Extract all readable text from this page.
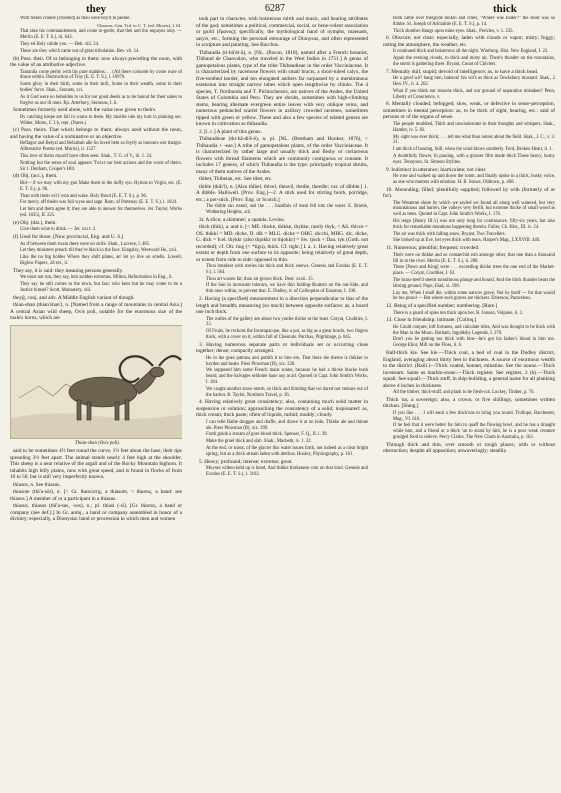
they	6287	thick

With folkes cruelle [cruelled] as thou were boy'd in pesme.

Chaucer, Gen. Trd. to C. T. (ed. Morris), I. 61.

That take his commandement, and come to-gedre, that thei and tho nopuyes only. — Merlin (E. E. T. S.), iii. 643.

They ed Holy calide you. — Heb. xiii. 24.

These are they which came out of great tribulation. Rev. vii. 14.

(b) Poss. their. Of or belonging to them: now always preceding the noun, with the value of an attributive adjective.

Tantanlla come perity with his pure maidens. . . (All there colourde by come ware of drune within. Destruction of Troy (E. E. T. S.), l. 10970.

Some glory in their birth, some in their skill, Some in their wealth, some in their bodies' force. Shak., Sonnets, xci.

As it God were no beholden to us for our good deeds as to be bound for their sakes to forgive us our ill ones. Bp. Atterbury, Sermons, I. ii.

Sometimes formerly used alone, with the value now given to theirs.

By catching keepe are fall in warns to theie, My mistles rule my hurt in plaining sec. Wither, Motto, C 3 b, repr. (Nares.)

(c) Poss. theirs. That which belongs to them: always used without the noun, and having the value of a nominative or an objective.

Belfagor and Belyal and Belzabub alle So loved hem so foytly as honours wer thargrs. Alliterative Poems (ed. Morris), ii. 1527.

This love of theirs myself have often seen. Shak., T. G. of V., iii. 1. 24.

Nothing but the sense of soul appears 'Twixt our best actions and the worst of theirs. Sir J. Denham, Cooper's Hill.

(d) Obj. (acc.), them.

Bid— if we may with my gun Make them to the doffy syn. Hymns to Virgin, etc. (E. E. T. S.), p. 96.

Than with them wil I won and wake. Holy Rood (E. E. T. S.), p. 96.

For mercy off theim was full wyse and sage. Rom. of Partenay (E. E. T. S.), l. 1024.

Let him and them agree it; they are able to answer for themselves. Jer. Taylor, Works (ed. 1835), II. 225.

(e) Obj. (dat.), them.

Give them wine to drink. — Jer. xxxv. 2.

(f) Used for those. [Now provincial, Eng. and U. S.]

As if between them twain there were no strife. Shak., Lucrece, l. 405.

Let they ministers preach till they're black in the face. Kingsley, Westward Ho, xxii.

Like the no big holdes Where they shift plates, an' let yo live on smells. Lowell, Biglow Papers, 2d ser., ii.

They say, it is said: they meaning persons generally.

We must not run, they say, into sudden extremes. Milton, Reformation in Eng., ii.

They say he still comes to the town, but fast; who kens but he may come to be a Justice himsel? Scott, Monastery, xiii.

theyğ, conj. and adv. A Middle English variant of though.

thian-shan (thian'shan'), n. [Named from a range of mountains in central Asia.] A central Asian wild sheep, Ovis poli, notable for the enormous size of the male's horns, which are

Thian-shan (Ovis poli).

said to be sometimes 4½ feet round the curve, 1½ feet about the base, their tips spreading 3½ feet apart. The animal stands nearly 4 feet high at the shoulder. This sheep is a near relative of the argali and of the Rocky Mountain bighorn. It inhabits high hilly plains, runs with great speed, and is found in flocks of from 10 to 50, but is still very imperfectly known.

thiasos, n. See thiasus.

thiasote (thī'a-sōt), n. [< Gr. θιασώτης, a thiasote, < θίασος, a band: see thiasus.] A member of or a participant in a thiasus.

thiasus, thiasos (thī'a-sus, -sos), n.; pl. thiasi (-sī). [Gr. θίασος, a band or company (see def.).] In Gr. antiq., a band or company assembled in honor of a divinity; especially, a Dionysiac band or procession in which men and women

took part in character, with boisterous mirth and music, and bearing attributes of the god; sometimes a political, commercial, social, or bene-volent association or guild (ἔρανος); specifically, the mythological band of nymphs, maenads, satyrs, etc., forming the personal entourage of Dionysus, and often represented in sculpture and painting. See Bacchus.

Thibaudia (ti-bâ'di-ä), n. [NL. (Pavon, 1818), named after a French botanist, Thibaud de Chanvalon, who traveled in the West Indies in 1751.] A genus of gamopetalous plants, type of the tribe Thibaudieae in the order Vacciniaceae. It is characterized by racemose flowers with small bracts, a short-tubed calyx, the five-toothed border, and ten elongated anthers far surpassed by a membranous extension into straight narrow tubes which open lengthwise by chinks. The 4 species, T. floribunda and T. Pichinchensis, are natives of the Andes, the United States of Colombia and Peru. They are shrubs, sometimes with high-climbing stems, bearing alternate evergreen entire leaves with very oblique veins, and numerous peduncled scarlet flowers in axillary crowded racemes, sometimes tipped with green or yellow. These and also a few species of related genera are known in cultivation as thibaudia.

2. [l. c.] A plant of this genus.

Thibaudieae (thi-bâ-di'ē-ē), n. pl. [NL. (Bentham and Hooker, 1876), < Thibaudia + -eae.] A tribe of gamopetalous plants, of the order Vacciniaceae. It is characterized by rather large and usually thick and fleshy or coriaceous flowers with thread filaments which are commonly contiguous or connate. It includes 17 genera, of which Thibaudia is the type: principally tropical shrubs, many of them natives of the Andes.

thibet, Thibetan, etc. See tibet, etc.

thible (thib'l), n. [Also thibel, thivel, theavil, thedle, theedle; var. of dibble.] 1. A dibble. Halliwell. [Prov. Eng.]—2. A stick used for stirring broth, porridge, etc.; a pot-stick. [Prov. Eng. or Scotch.]

The thible ran round, and the . . . handfuls of meal fell into the water. E. Bronte, Wuthering Heights, xiii.

3t. A slice; a skimmer; a spatula. Levins.

thick (thik), a. and n. [< ME. thicke, thikke, thykke, rarely thyk, < AS. thicce = OS. thikki = MD. dicke, D. dik = MLG. dicke = OHG. dicchi, MHG. dic, dicke, G. dick = Icel. thykkr (also thjokkr or thjokkr) = Sw. tjock = Dan. tyk (Goth. not recorded); cf. Olr. tiug (< *tigu), thick. Cf. tight.] I. a. 1. Having relatively great extent or depth from one surface to its opposite; being relatively of great depth, or extent from side to side: opposed to thin.

Thou breakest with stories his thick and thick sinews. Genesis and Exodus (E. E. T. S.), l. 564.

Thou art waxen fat; thou art grown thick. Deut. xxxii. 15.

If the Sun in incensum tolerum, we have thin folding-Shutters on the out-Side, and thin ones within, to prevent that. E. Dudley, tr. of Colloquies of Erasmus, I. 198.

2. Having (a specified) measurement in a direction perpendicular to that of the length and breadth; measuring (so much) between opposite surfaces: as, a board one inch thick.

The walles of the gallery are about two yardes thicke at the least. Coryat, Crudities, I. 33.

Of Fruits, he reckons the Incompacque, like a pot, as big as a great bowle, two fingers thick, with a cover on it, within full of Chesnuts. Purchas, Pilgrimage, p. 845.

3. Having numerous separate parts or individuals set or occurring close together; dense; compactly arranged.

He in the goes patrons and puttith it to hire ere, That there the therne is thikker to hayden and beale. Piers Plowman (B), xix. 228.

We supposed him some French mans sonne, because he had a thicke blacke bush beard, and the Salvages seldome haue any at all. Quoted in Capt. John Smith's Works, I. 184.

We caught another snow-storm, so thick and blinding that we dared not venture out of the harbor. B. Taylor, Northern Travel, p. 36.

4. Having relatively great consistency; also, containing much solid matter in suspension or solution; approaching the consistency of a solid; inspissated: as, thick cream; thick paste; often of liquids, turbid; muddy; cloudy.

I can telle Bathe drogges and draffe, and drawe it at on hole, Thikke ale and thinne ale. Piers Plowman (B), xix. 399.

Forth goinh a stream of gore blood thick. Spenser, F. Q., II. i. 39.

Make the gruel thick and slab. Shak., Macbeth, iv. 1. 32.

At the end, or snout, of the glacier this water issues forth, not indeed as a clear bright spring, but as a thick stream laden with detritus. Huxley, Physiography, p. 161.

5. Heavy; profound; intense; extreme; great.

Moyses withen held up is hond, And thikke thirkenese com on that lond. Genesis and Exodus (E. E. T. S.), l. 3102.

Both came over thespyde tonkin and cities, "Where was Ender?" the stour was so thikke. St. Joseph of Arimathie (E. E. T. S.), p. 14.

Thick slumber Hangs upon mine eyes. Shak., Pericles, v. 1. 235.

6. Obscure; not clear; especially, laden with clouds or vapor; misty; foggy; noting the atmosphere, the weather, etc.

It continued thick and boisterous all the night. Winthrop, Hist. New England, I. 23.

Again the evening clouds, to thick and misty air, There's thunder on the mountains, the storm is gathering there. Bryant, Count of Chiviers.

7. Mentally dull; stupid; devoid of intelligence; as, to have a thick head.

He a good wit? hang him, baboon! his wit's as thick as Tewksbury mustard. Shak., 2 Hen. IV., ii. 4. 262.

What if you think our reasons thick, and our ground of separation mistaken? Penn, Liberty of Conscience, v.

8. Mentally clouded; befogged; slow, weak, or defective in sense-perception, sometimes in mental perception: as, to be thick of sight, hearing, etc.: said of persons or of the organs of sense.

The people muddied, Thick and unwholesome in their thoughts and whispers. Shak., Hamlet, iv. 5. 82.

My sight was ever thick; . . . tell me what thou notest about the field. Shak., J. C., v. 3. 21.

I am thick of hearing, Still, when the wind blows southerly. Ford, Broken Heart, ii. 1.

A doubtfully flower, In passing, with a grosser film made thick These heavy, horny eyes. Tennyson, St. Simeon Stylites.

9. Indistinct in utterance; inarticulate; not clear.

He rose and walked up and down the room, and finally spoke in a thick, husky voice, as one who mutters with emotion. H. B. Stowe, Oldtown, p. 460.

10. Abounding; filled; plentifully supplied; followed by with (formerly of or for).

The Westerne shore by which we sayled we found all along well watered, but very mountainous and barren, the valleys very fertill, but extreme thicke of small wood as well as trees. Quoted in Capt. John Smith's Works, I. 176.

His reign [Henry III.'s] was not only long for continuance, fifty-six years, but also thick for remarkable mutations happening therein. Fuller, Ch. Hist., III. iv. 24.

The air was thick with falling snow. Bryant, Two Travellers.

She looked up at Eve, her eyes thick with tears. Harper's Mag., LXXVIII. 440.

11. Numerous; plentiful; frequent; crowded.

Their were no thikke and so comaechid euh amonge other, that one than a thousand fill in to the river. Merlin (E. E. T. S.), ii. 288.

These [Pawn and King] were . . . exceeding thicke trees the one end of the Market-place. — Coryat, Crudities, I. 63.

The brass-heel'd steeds tumultuous plunge and bound, And the thick thunder beats the labring ground. Pope, Iliad, xi. 198.

Lay me, When I shall die, within some narrow grave, Not by itself — for that would be too proud — But where such graves are thickest. Emerson, Paracelsus.

12. Being of a specified number; numbering. [Rare.]

There is a guard of spies ten thick upon her. B. Jonson, Volpone, ii. 1.

13. Close in friendship; intimate. [Colloq.]

He Could conjure, loft fortunes, and calculate tides, And was thought to be thick with the Man in the Moon. Barham, Ingoldsby Legends, I. 270.

Don't you be getting too thick with him—he's got his father's blood in him too. George Eliot, Mill on the Floss, ii. 6.

Half-thick kie. See kie.—Thick coal, a bed of coal in the Dudley district, England, averaging about thirty feet in thickness. A source of enormous wealth to the district. (Raili.)—Thick coated, bonnet, minatine. See the nouns.—Thick incensum. Same as marbin-stone.—Thick register. See register, 2 (b).—Thick squall. See squall.—Thick stuff, in ship-building, a general name for all planking above 4 inches in thickness.

All the timber, thick-stuff, and plank to be fresh-cut. Luckey, Timber, p. 76.

Thick 'un, a sovereign; also, a crown, or five shillings, sometimes written thickun. [Slang.]

If you like . . . I will send a few thick'uns to bring you round. Trollope, Barchester, Mag., VI. 616.

If he feel that it were better for him to quaff the flowing bowl, and he has a draught while him, and a friend or a thick 'un to stand by him, he is a poor weak creature grudged food to relieve. Percy Clarke, The New Chum in Australia, p. 163.

Through thick and thin, over smooth or rough places; with or without obstruction; despite all opposition; unwaveringly; steadily.
